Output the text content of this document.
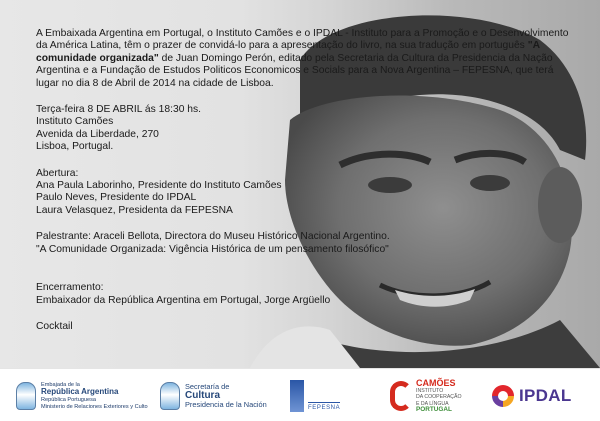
A Embaixada Argentina em Portugal, o Instituto Camões e o IPDAL - Instituto para a Promoção e o Desenvolvimento da América Latina, têm o prazer de convidá-lo para a apresentação do livro, na sua tradução em português "A comunidade organizada" de Juan Domingo Perón, editado pela Secretaria da Cultura da Presidencia da Nação Argentina e a Fundação de Estudos Politicos Economicos e Socials para a Nova Argentina – FEPESNA, que terá lugar no dia 8 de Abril de 2014 na cidade de Lisboa.

Terça-feira 8 DE ABRIL ás 18:30 hs.

Instituto Camões

Avenida da Liberdade, 270

Lisboa, Portugal.

Abertura:

Ana Paula Laborinho, Presidente do Instituto Camões

Paulo Neves, Presidente do IPDAL

Laura Velasquez, Presidenta da FEPESNA

Palestrante: Araceli Bellota, Directora do Museu Histórico Nacional Argentino.

"A Comunidade Organizada: Vigência Histórica de um pensamento filosófico"

Encerramento:

Embaixador da República Argentina em Portugal, Jorge Argüello

Cocktail

Embajada de la
República Argentina
República Portuguesa
Ministerio de Relaciones Exteriores y Culto
Secretaría de
Cultura
Presidencia de la Nación	FEPESNA
CAMÕES
INSTITUTO
DA COOPERAÇÃO
E DA LÍNGUA
PORTUGAL
IPDAL
